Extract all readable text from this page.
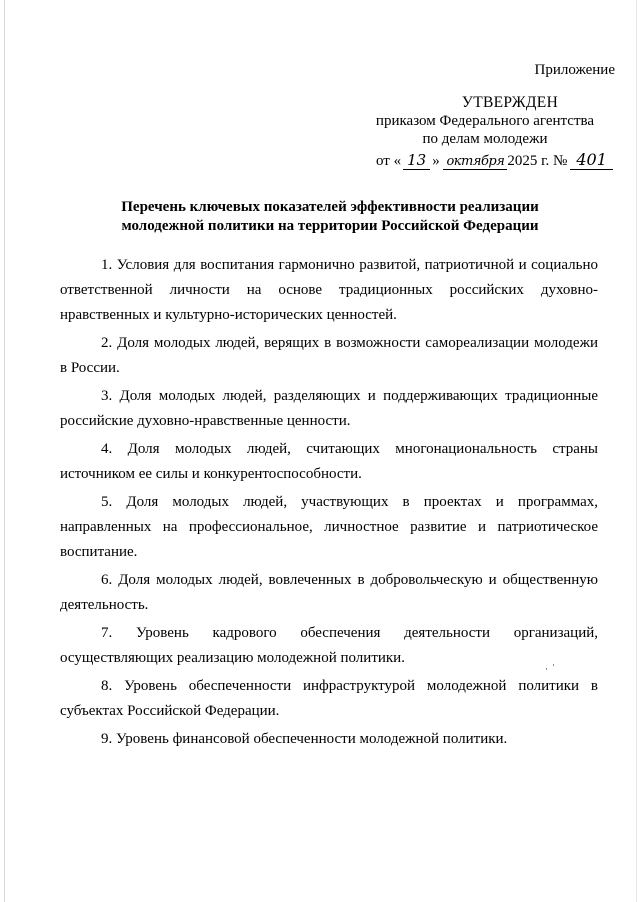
Приложение
УТВЕРЖДЕН
приказом Федерального агентства
по делам молодежи
от « 13 » октября 2025 г. № 401
Перечень ключевых показателей эффективности реализации
молодежной политики на территории Российской Федерации
1. Условия для воспитания гармонично развитой, патриотичной и социально ответственной личности на основе традиционных российских духовно-нравственных и культурно-исторических ценностей.
2. Доля молодых людей, верящих в возможности самореализации молодежи в России.
3. Доля молодых людей, разделяющих и поддерживающих традиционные российские духовно-нравственные ценности.
4. Доля молодых людей, считающих многонациональность страны источником ее силы и конкурентоспособности.
5. Доля молодых людей, участвующих в проектах и программах, направленных на профессиональное, личностное развитие и патриотическое воспитание.
6. Доля молодых людей, вовлеченных в добровольческую и общественную деятельность.
7. Уровень кадрового обеспечения деятельности организаций, осуществляющих реализацию молодежной политики.
8. Уровень обеспеченности инфраструктурой молодежной политики в субъектах Российской Федерации.
9. Уровень финансовой обеспеченности молодежной политики.
